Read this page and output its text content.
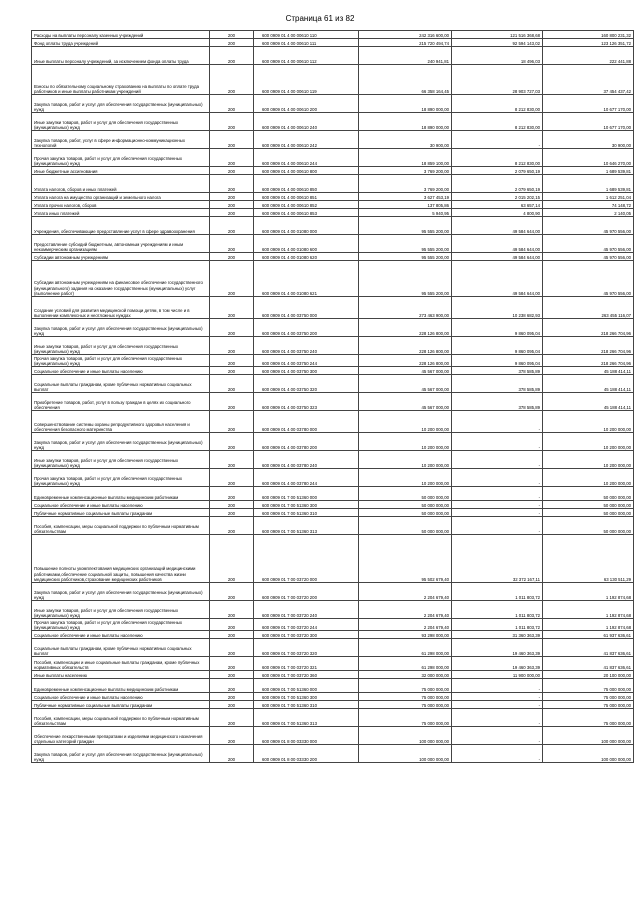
Страница 61 из 82
Расходы на выплаты персоналу казенных учреждений	200	600 0909 01 4 00 00610 110	242 316 600,00	121 516 368,68	160 800 231,32
Фонд оплаты труда учреждений	200	600 0909 01 4 00 00610 111	215 720 494,74	92 594 143,02	123 126 351,72
Иные выплаты персоналу учреждений, за исключением фонда оплаты труда	200	600 0909 01 4 00 00610 112	240 941,81	18 496,03	222 441,88
Взносы по обязательному социальному страхованию на выплаты по оплате труда работников и иные выплаты работникам учреждений	200	600 0909 01 4 00 00610 119	66 358 164,45	28 903 727,03	37 454 437,42
Закупка товаров, работ и услуг для обеспечения государственных (муниципальных) нужд	200	600 0909 01 4 00 00610 200	18 890 000,00	8 212 830,00	10 677 170,00
Иные закупки товаров, работ и услуг для обеспечения государственных (муниципальных) нужд	200	600 0909 01 4 00 00610 240	18 890 000,00	8 212 830,00	10 677 170,00
Закупка товаров, работ, услуг в сфере информационно-коммуникационных технологий	200	600 0909 01 4 00 00610 242	30 900,00	-	30 900,00
Прочая закупка товаров, работ и услуг для обеспечения государственных (муниципальных) нужд	200	600 0909 01 4 00 00610 244	18 859 100,00	8 212 830,00	10 646 270,00
Иные бюджетные ассигнования	200	600 0909 01 4 00 00610 800	3 769 200,00	2 079 650,19	1 689 539,81
Уплата налогов, сборов и иных платежей	200	600 0909 01 4 00 00610 850	3 769 200,00	2 079 650,19	1 689 539,81
Уплата налога на имущество организаций и земельного налога	200	600 0909 01 4 00 00610 851	3 627 453,19	2 015 202,15	1 612 251,04
Уплата прочих налогов, сборов	200	600 0909 01 4 00 00610 852	137 805,86	63 657,14	74 148,72
Уплата иных платежей	200	600 0909 01 4 00 00610 853	5 940,95	4 800,90	2 140,05
Учреждения, обеспечивающие предоставление услуг в сфере здравоохранения	200	600 0909 01 4 00 01080 000	95 555 200,00	49 584 644,00	45 970 556,00
Предоставление субсидий бюджетным, автономным учреждениям и иным некоммерческим организациям	200	600 0909 01 4 00 01080 600	95 555 200,00	49 584 644,00	45 970 556,00
Субсидии автономным учреждениям	200	600 0909 01 4 00 01080 620	95 555 200,00	49 584 644,00	45 970 556,00
Субсидии автономным учреждениям на финансовое обеспечение государственного (муниципального) задания на оказание государственных (муниципальных) услуг (выполнение работ)	200	600 0909 01 4 00 01080 621	95 555 200,00	49 584 644,00	45 970 556,00
Создание условий для развития медицинской помощи детям, в том числе и в выполнении комплексных и неотложных нуждах	200	600 0909 01 4 00 03750 000	273 463 900,00	10 238 682,93	263 455 116,07
Закупка товаров, работ и услуг для обеспечения государственных (муниципальных) нужд	200	600 0909 01 4 00 03750 200	228 126 800,00	9 860 095,04	218 266 704,96
Иные закупки товаров, работ и услуг для обеспечения государственных (муниципальных) нужд	200	600 0909 01 4 00 03750 240	228 126 800,00	9 860 095,04	218 266 704,96
Прочая закупка товаров, работ и услуг для обеспечения государственных (муниципальных) нужд	200	600 0909 01 4 00 03750 244	228 126 800,00	9 860 095,04	218 266 704,96
Социальное обеспечение и иные выплаты населению	200	600 0909 01 4 00 03750 300	45 567 000,00	378 585,89	45 188 414,11
Социальные выплаты гражданам, кроме публичных нормативных социальных выплат	200	600 0909 01 4 00 03750 320	45 567 000,00	378 585,89	45 188 414,11
Приобретение товаров, работ, услуг в пользу граждан в целях их социального обеспечения	200	600 0909 01 4 00 03750 323	45 567 000,00	378 585,89	45 188 414,11
Совершенствование системы охраны репродуктивного здоровья населения и обеспечения безопасного материнства	200	600 0909 01 4 00 03780 000	10 200 000,00	-	10 200 000,00
Закупка товаров, работ и услуг для обеспечения государственных (муниципальных) нужд	200	600 0909 01 4 00 03780 200	10 200 000,00	-	10 200 000,00
Иные закупки товаров, работ и услуг для обеспечения государственных (муниципальных) нужд	200	600 0909 01 4 00 03780 240	10 200 000,00	-	10 200 000,00
Прочая закупка товаров, работ и услуг для обеспечения государственных (муниципальных) нужд	200	600 0909 01 4 00 03780 244	10 200 000,00	-	10 200 000,00
Единовременные компенсационные выплаты медицинским работникам	200	600 0909 01 7 00 51360 000	50 000 000,00	-	50 000 000,00
Социальное обеспечение и иные выплаты населению	200	600 0909 01 7 00 51360 300	50 000 000,00	-	50 000 000,00
Публичные нормативные социальные выплаты гражданам	200	600 0909 01 7 00 51360 310	50 000 000,00	-	50 000 000,00
Пособия, компенсации, меры социальной поддержки по публичным нормативным обязательствам	200	600 0909 01 7 00 51360 313	50 000 000,00	-	50 000 000,00
Повышение полноты укомплектования медицинских организаций медицинскими работниками,обеспечение социальной защиты, повышения качества жизни медицинских работников,страхование медицинских работников	200	600 0909 01 7 00 03720 000	95 502 679,40	32 372 167,11	63 130 511,29
Закупка товаров, работ и услуг для обеспечения государственных (муниципальных) нужд	200	600 0909 01 7 00 03720 200	2 204 679,40	1 011 803,72	1 192 874,68
Иные закупки товаров, работ и услуг для обеспечения государственных (муниципальных) нужд	200	600 0909 01 7 00 03720 240	2 204 679,40	1 011 803,72	1 192 874,68
Прочая закупка товаров, работ и услуг для обеспечения государственных (муниципальных) нужд	200	600 0909 01 7 00 03720 244	2 204 679,40	1 011 803,72	1 192 874,68
Социальное обеспечение и иные выплаты населению	200	600 0909 01 7 00 03720 300	93 298 000,00	31 360 363,39	61 937 636,61
Социальные выплаты гражданам, кроме публичных нормативных социальных выплат	200	600 0909 01 7 00 03720 320	61 298 000,00	19 460 363,39	41 837 636,61
Пособия, компенсации и иные социальные выплаты гражданам, кроме публичных нормативных обязательств	200	600 0909 01 7 00 03720 321	61 298 000,00	19 460 363,39	41 837 636,61
Иные выплаты населению	200	600 0909 01 7 00 03720 360	32 000 000,00	11 900 000,00	20 100 000,00
Единовременные компенсационные выплаты медицинским работникам	200	600 0909 01 7 00 51360 000	75 000 000,00	-	75 000 000,00
Социальное обеспечение и иные выплаты населению	200	600 0909 01 7 00 51360 300	75 000 000,00	-	75 000 000,00
Публичные нормативные социальные выплаты гражданам	200	600 0909 01 7 00 51360 310	75 000 000,00	-	75 000 000,00
Пособия, компенсации, меры социальной поддержки по публичным нормативным обязательствам	200	600 0909 01 7 00 51360 313	75 000 000,00	-	75 000 000,00
Обеспечение лекарственными препаратами и изделиями медицинского назначения отдельных категорий граждан	200	600 0909 01 8 00 03330 000	100 000 000,00	-	100 000 000,00
Закупка товаров, работ и услуг для обеспечения государственных (муниципальных) нужд	200	600 0909 01 8 00 03330 200	100 000 000,00	-	100 000 000,00
